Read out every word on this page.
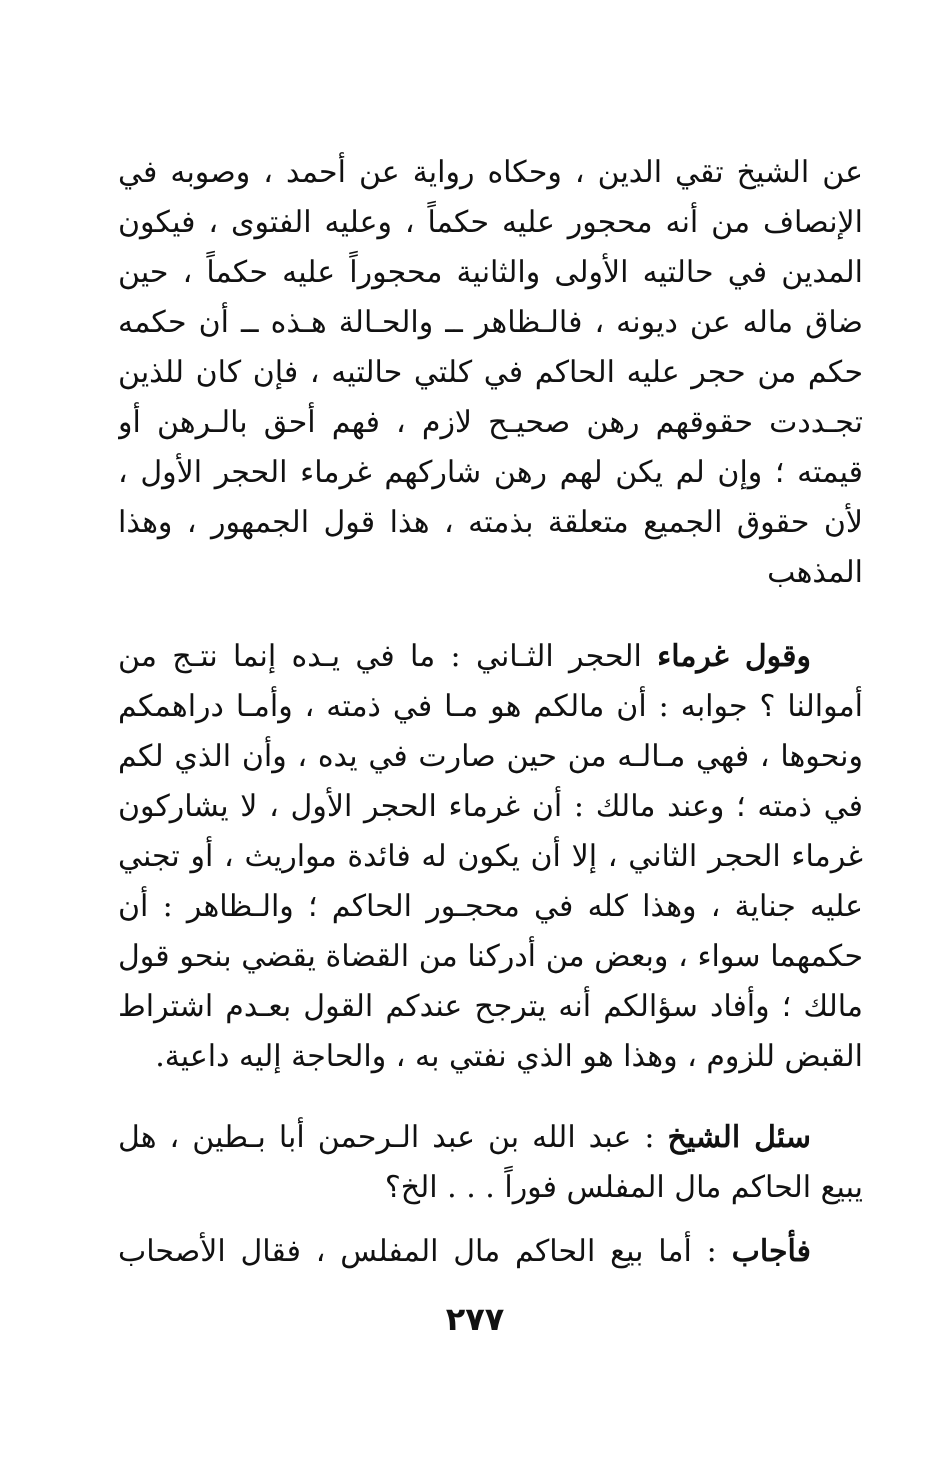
عن الشيخ تقي الدين ، وحكاه رواية عن أحمد ، وصوبه في
الإنصاف من أنه محجور عليه حكماً ، وعليه الفتوى ، فيكون
المدين في حالتيه الأولى والثانية محجوراً عليه حكماً ، حين
ضاق ماله عن ديونه ، فالـظاهر ــ والحـالة هـذه ــ أن حكمه
حكم من حجر عليه الحاكم في كلتي حالتيه ، فإن كان للذين
تجـددت حقوقهم رهن صحيـح لازم ، فهم أحق بالـرهن أو
قيمته ؛ وإن لم يكن لهم رهن شاركهم غرماء الحجر الأول ،
لأن حقوق الجميع متعلقة بذمته ، هذا قول الجمهور ، وهذا
المذهب
وقول غرماء الحجر الثـاني : ما في يـده إنما نتـج من
أموالنا ؟ جوابه : أن مالكم هو مـا في ذمته ، وأمـا دراهمكم
ونحوها ، فهي مـالـه من حين صارت في يده ، وأن الذي لكم
في ذمته ؛ وعند مالك : أن غرماء الحجر الأول ، لا يشاركون
غرماء الحجر الثاني ، إلا أن يكون له فائدة مواريث ، أو تجني
عليه جناية ، وهذا كله في محجـور الحاكم ؛ والـظاهر : أن
حكمهما سواء ، وبعض من أدركنا من القضاة يقضي بنحو قول
مالك ؛ وأفاد سؤالكم أنه يترجح عندكم القول بعـدم اشتراط
القبض للزوم ، وهذا هو الذي نفتي به ، والحاجة إليه داعية.
سئل الشيخ : عبد الله بن عبد الـرحمن أبا بـطين ، هل
يبيع الحاكم مال المفلس فوراً . . . الخ؟
فأجاب : أما بيع الحاكم مال المفلس ، فقال الأصحاب
٢٧٧
